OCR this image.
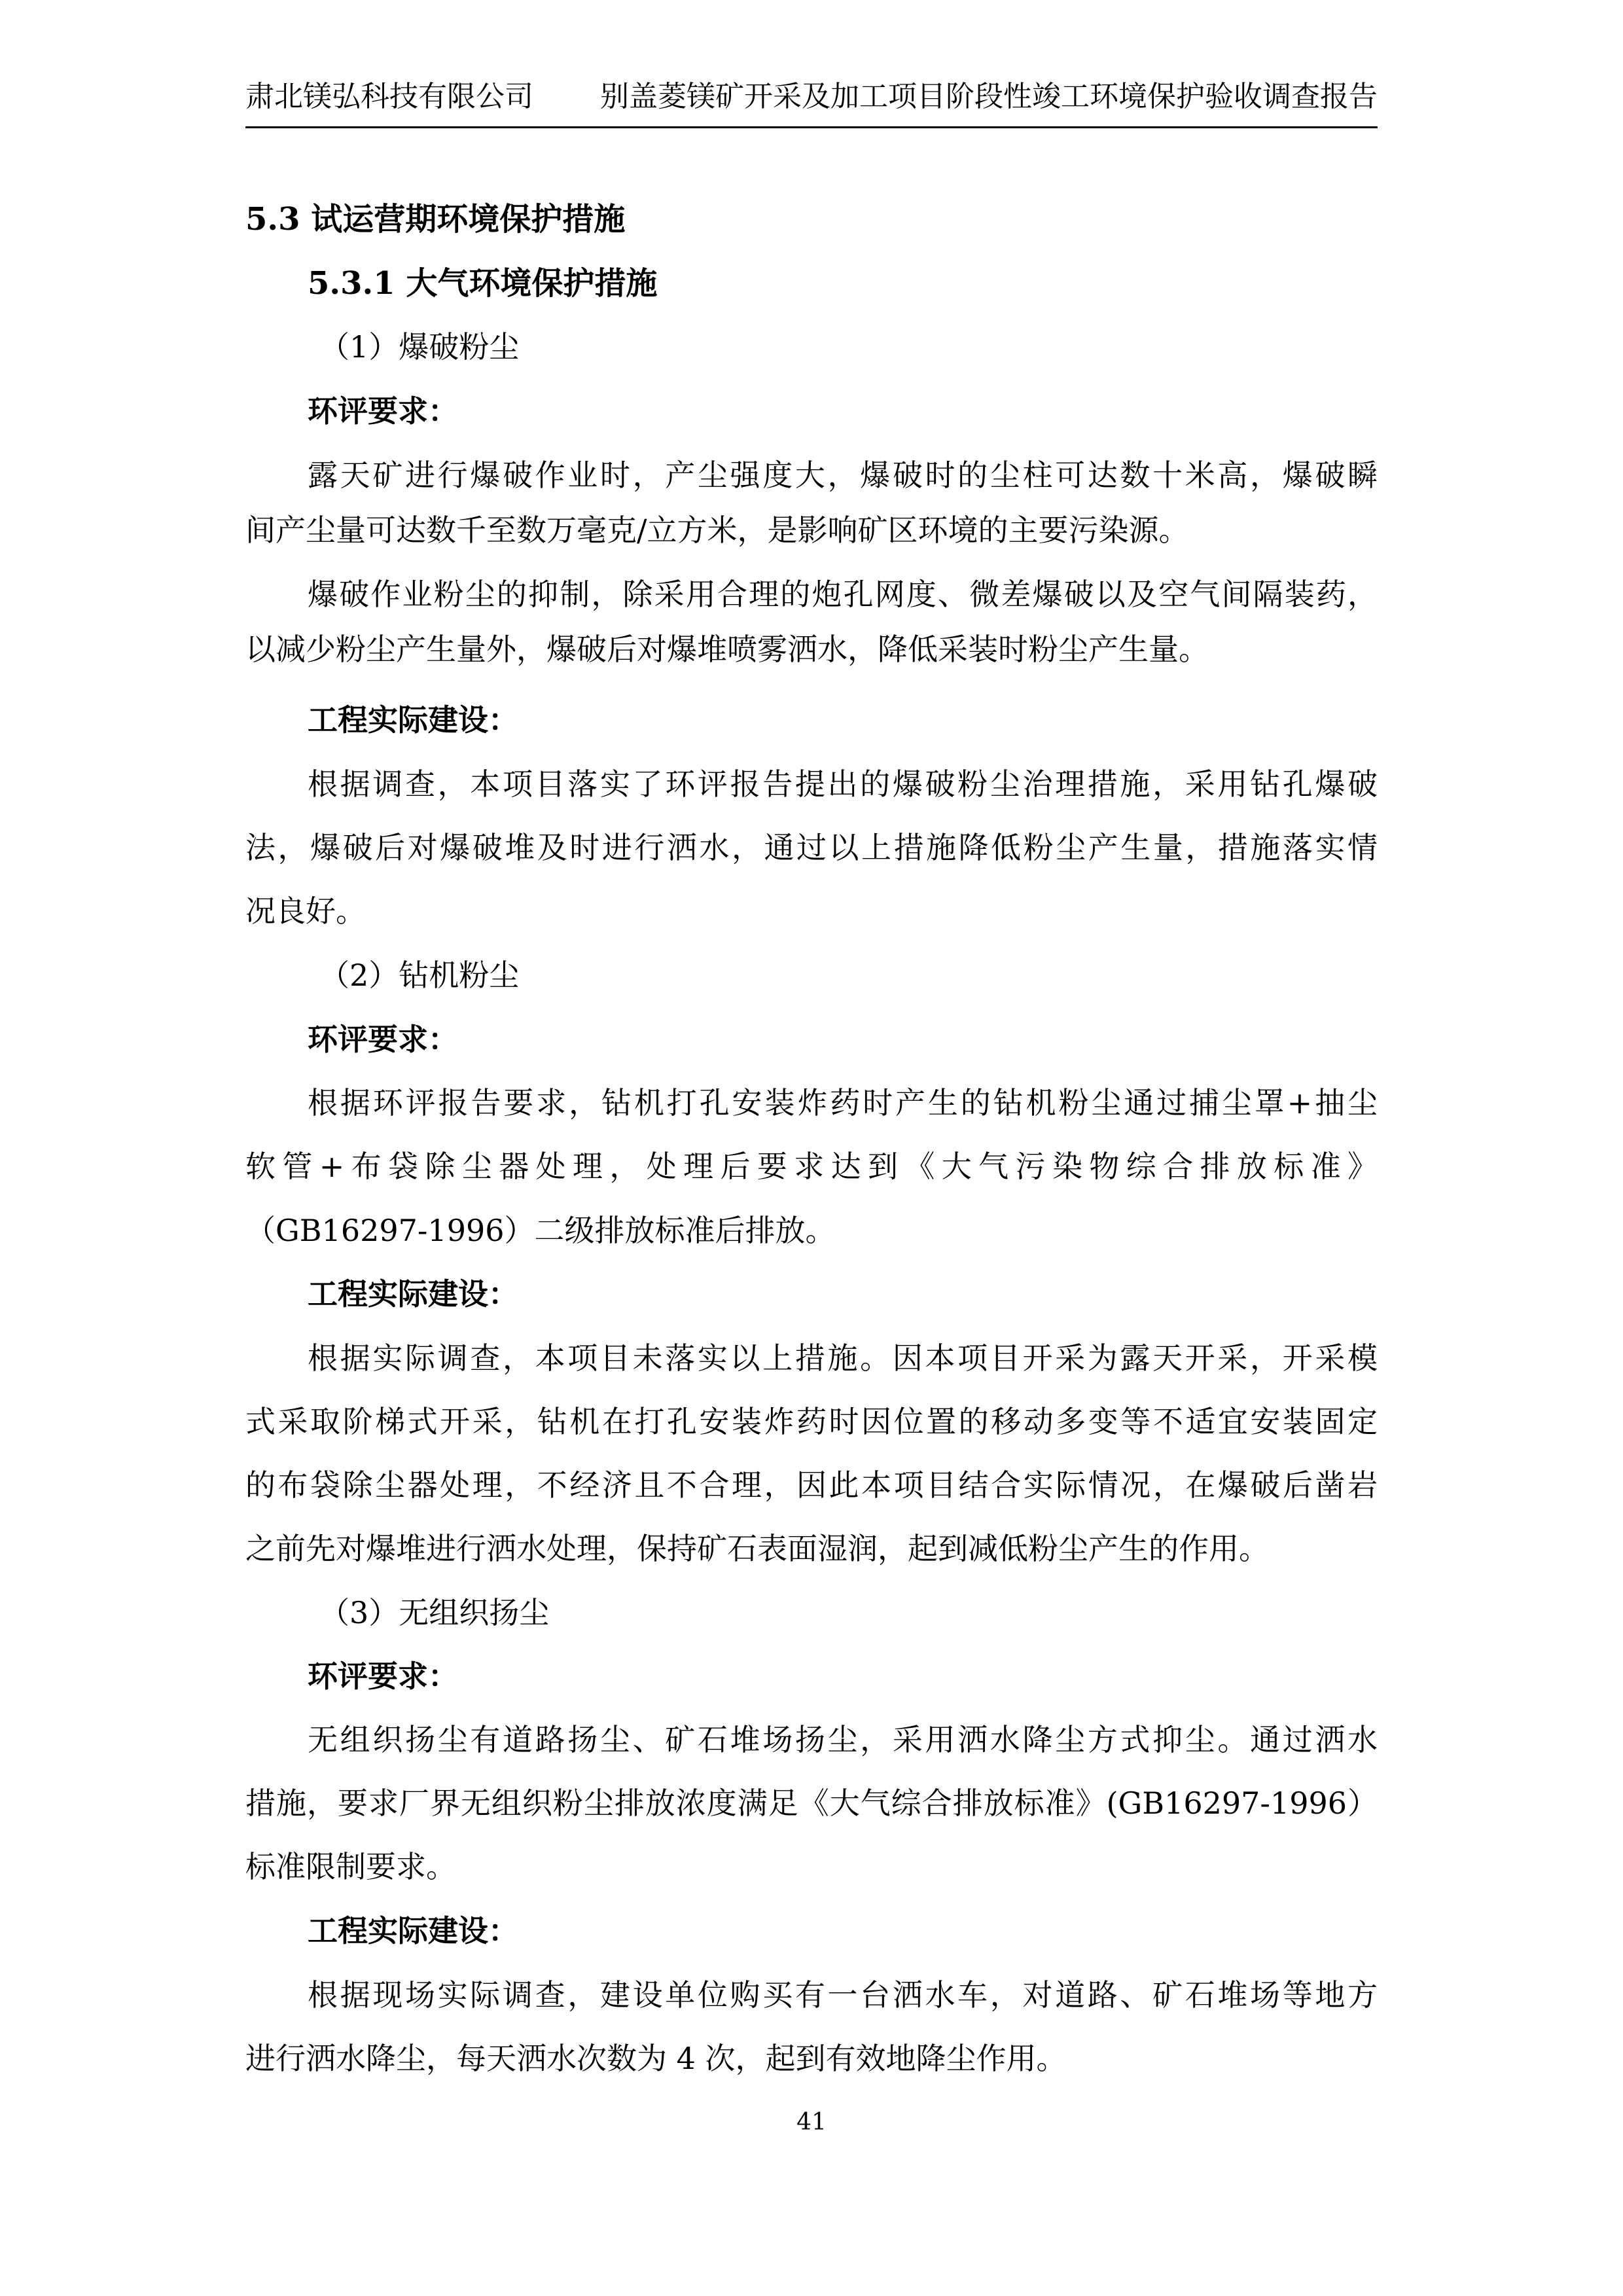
肃北镁弘科技有限公司 别盖菱镁矿开采及加工项目阶段性竣工环境保护验收调查报告
5.3 试运营期环境保护措施
5.3.1 大气环境保护措施
（1）爆破粉尘
环评要求：
露天矿进行爆破作业时，产尘强度大，爆破时的尘柱可达数十米高，爆破瞬
间产尘量可达数千至数万毫克/立方米，是影响矿区环境的主要污染源。
爆破作业粉尘的抑制，除采用合理的炮孔网度、微差爆破以及空气间隔装药，
以减少粉尘产生量外，爆破后对爆堆喷雾洒水，降低采装时粉尘产生量。
工程实际建设：
根据调查，本项目落实了环评报告提出的爆破粉尘治理措施，采用钻孔爆破
法，爆破后对爆破堆及时进行洒水，通过以上措施降低粉尘产生量，措施落实情
况良好。
（2）钻机粉尘
环评要求：
根据环评报告要求，钻机打孔安装炸药时产生的钻机粉尘通过捕尘罩+抽尘
软管+布袋除尘器处理，处理后要求达到《大气污染物综合排放标准》
（GB16297-1996）二级排放标准后排放。
工程实际建设：
根据实际调查，本项目未落实以上措施。因本项目开采为露天开采，开采模
式采取阶梯式开采，钻机在打孔安装炸药时因位置的移动多变等不适宜安装固定
的布袋除尘器处理，不经济且不合理，因此本项目结合实际情况，在爆破后凿岩
之前先对爆堆进行洒水处理，保持矿石表面湿润，起到减低粉尘产生的作用。
（3）无组织扬尘
环评要求：
无组织扬尘有道路扬尘、矿石堆场扬尘，采用洒水降尘方式抑尘。通过洒水
措施，要求厂界无组织粉尘排放浓度满足《大气综合排放标准》(GB16297-1996）
标准限制要求。
工程实际建设：
根据现场实际调查，建设单位购买有一台洒水车，对道路、矿石堆场等地方
进行洒水降尘，每天洒水次数为 4 次，起到有效地降尘作用。
41
